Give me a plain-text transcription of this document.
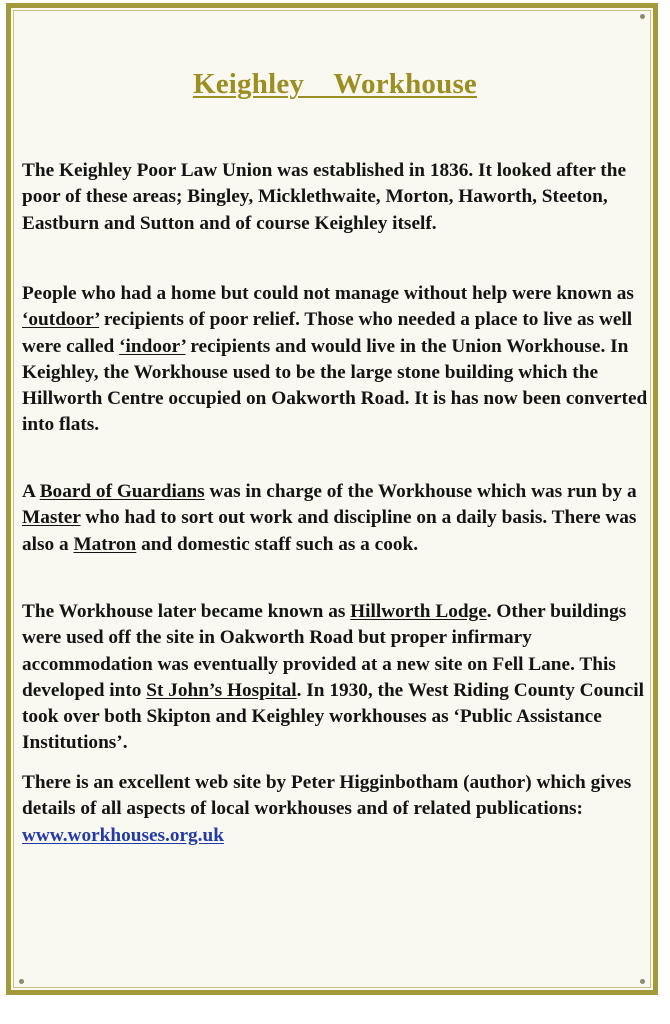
Keighley    Workhouse

The Keighley Poor Law Union was established in 1836. It looked after the poor of these areas; Bingley, Micklethwaite, Morton, Haworth, Steeton, Eastburn and Sutton and of course Keighley itself.

People who had a home but could not manage without help were known as ‘outdoor’ recipients of poor relief. Those who needed a place to live as well were called ‘indoor’ recipients and would live in the Union Workhouse. In Keighley, the Workhouse used to be the large stone building which the Hillworth Centre occupied on Oakworth Road. It is has now been converted into flats.

A Board of Guardians was in charge of the Workhouse which was run by a Master who had to sort out work and discipline on a daily basis. There was also a Matron and domestic staff such as a cook.

The Workhouse later became known as Hillworth Lodge. Other buildings were used off the site in Oakworth Road but proper infirmary accommodation was eventually provided at a new site on Fell Lane. This developed into St John’s Hospital. In 1930, the West Riding County Council took over both Skipton and Keighley workhouses as ‘Public Assistance Institutions’.

There is an excellent web site by Peter Higginbotham (author) which gives details of all aspects of local workhouses and of related publications:
www.workhouses.org.uk
